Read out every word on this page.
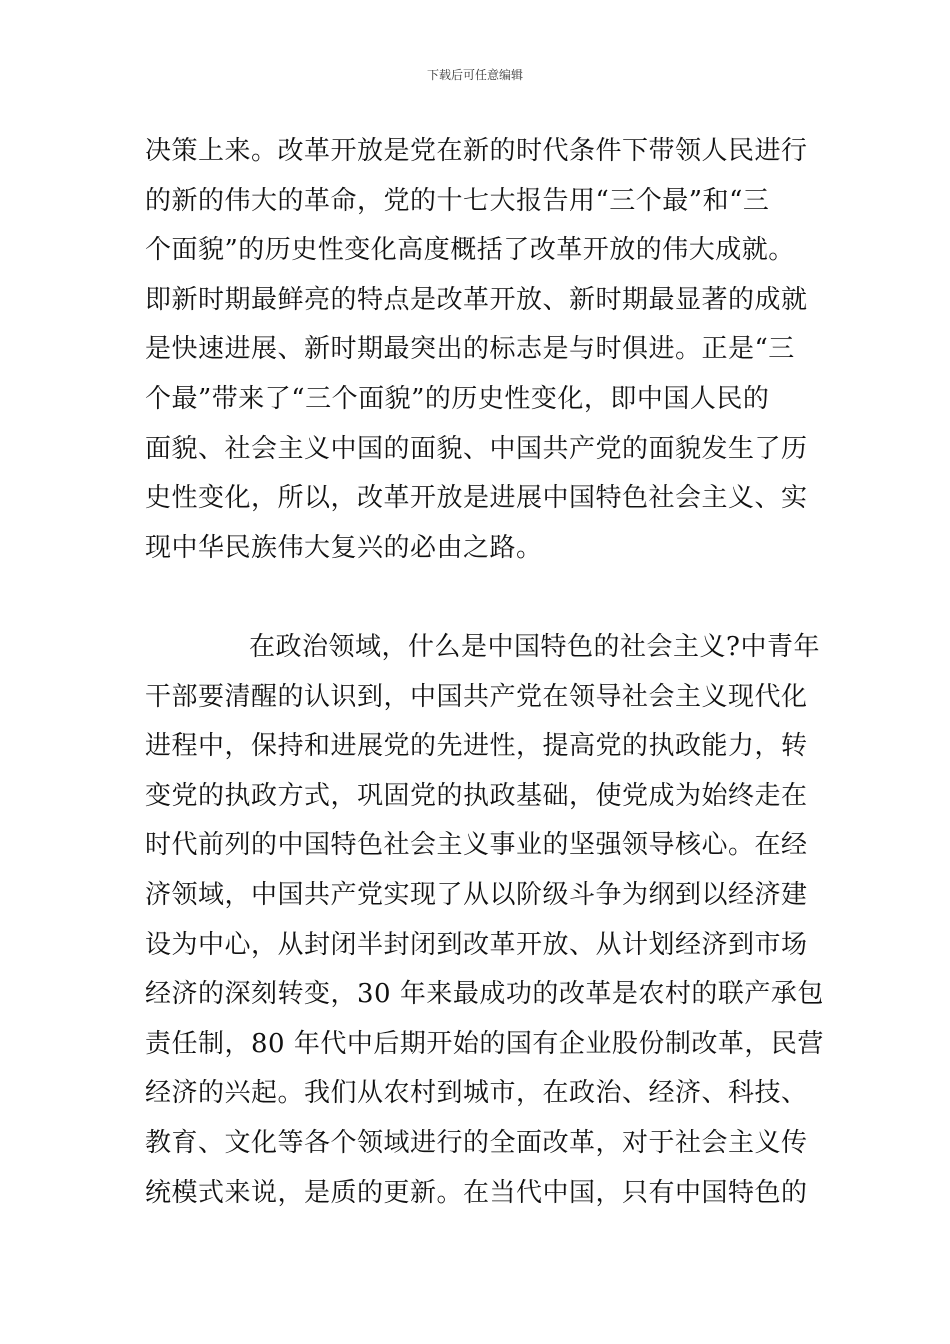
下载后可任意编辑
决策上来。改革开放是党在新的时代条件下带领人民进行
的新的伟大的革命，党的十七大报告用“三个最”和“三
个面貌”的历史性变化高度概括了改革开放的伟大成就。
即新时期最鲜亮的特点是改革开放、新时期最显著的成就
是快速进展、新时期最突出的标志是与时俱进。正是“三
个最”带来了“三个面貌”的历史性变化，即中国人民的
面貌、社会主义中国的面貌、中国共产党的面貌发生了历
史性变化，所以，改革开放是进展中国特色社会主义、实
现中华民族伟大复兴的必由之路。
在政治领域，什么是中国特色的社会主义?中青年
干部要清醒的认识到，中国共产党在领导社会主义现代化
进程中，保持和进展党的先进性，提高党的执政能力，转
变党的执政方式，巩固党的执政基础，使党成为始终走在
时代前列的中国特色社会主义事业的坚强领导核心。在经
济领域，中国共产党实现了从以阶级斗争为纲到以经济建
设为中心，从封闭半封闭到改革开放、从计划经济到市场
经济的深刻转变，30 年来最成功的改革是农村的联产承包
责任制，80 年代中后期开始的国有企业股份制改革，民营
经济的兴起。我们从农村到城市，在政治、经济、科技、
教育、文化等各个领域进行的全面改革，对于社会主义传
统模式来说，是质的更新。在当代中国，只有中国特色的
